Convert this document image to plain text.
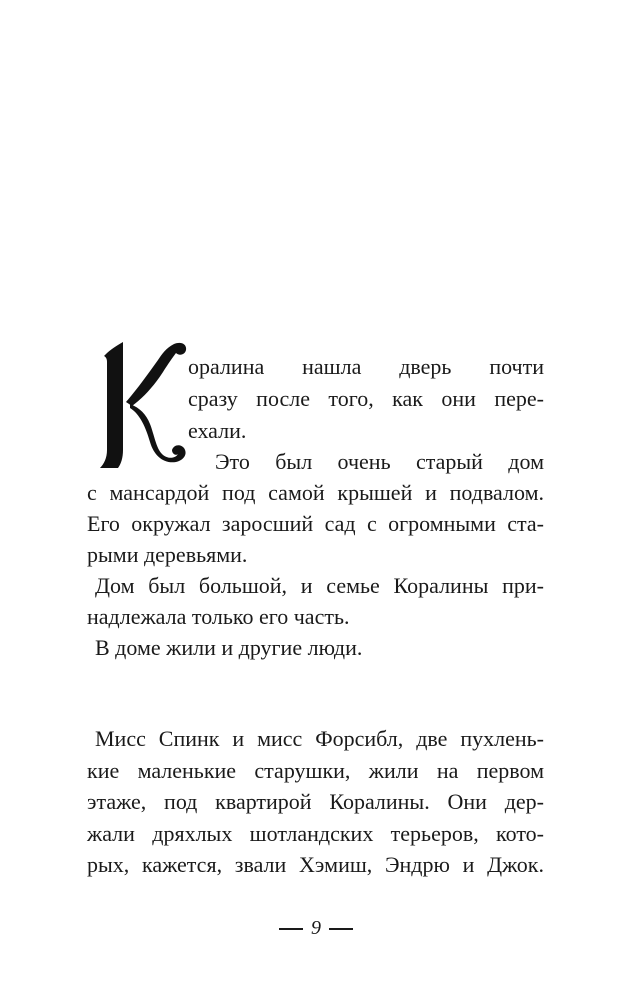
оралина нашла дверь почти
сразу после того, как они пере-
ехали.
Это был очень старый дом
с мансардой под самой крышей и подвалом.
Его окружал заросший сад с огромными ста-
рыми деревьями.
Дом был большой, и семье Коралины при-
надлежала только его часть.
В доме жили и другие люди.
Мисс Спинк и мисс Форсибл, две пухлень-
кие маленькие старушки, жили на первом
этаже, под квартирой Коралины. Они дер-
жали дряхлых шотландских терьеров, кото-
рых, кажется, звали Хэмиш, Эндрю и Джок.
9
